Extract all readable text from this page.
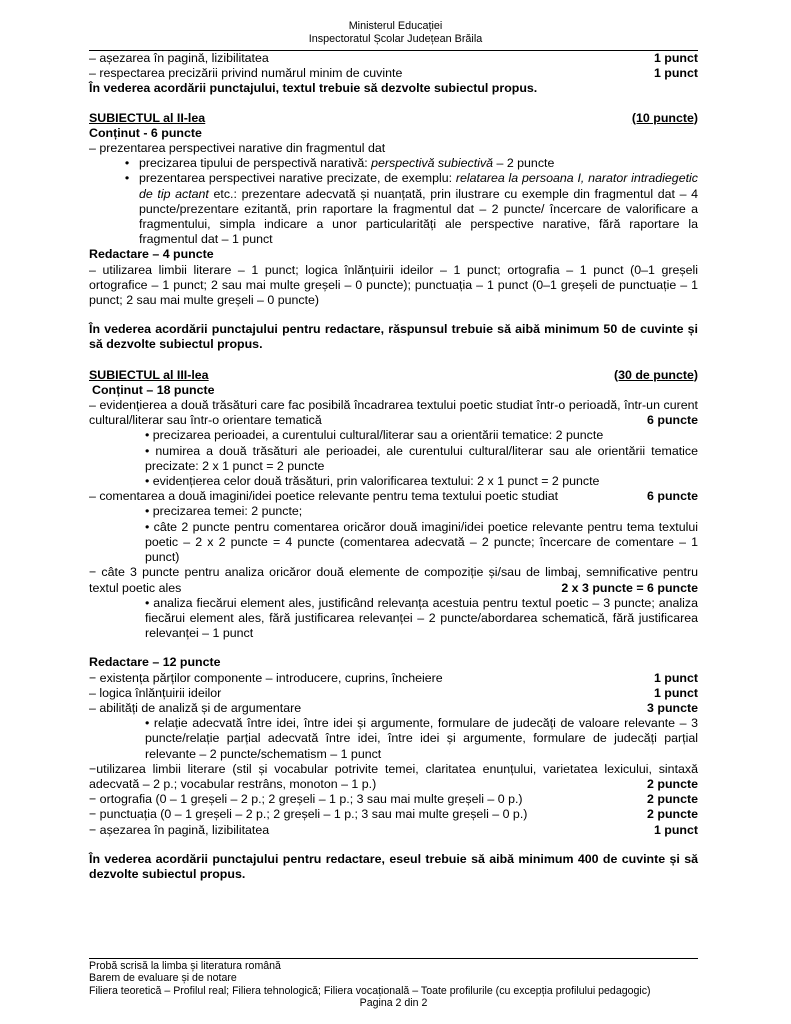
Ministerul Educației
Inspectoratul Școlar Județean Brăila
– așezarea în pagină, lizibilitatea	1 punct
– respectarea precizării privind numărul minim de cuvinte	1 punct
În vederea acordării punctajului, textul trebuie să dezvolte subiectul propus.
SUBIECTUL al II-lea	(10 puncte)
Conținut - 6 puncte
– prezentarea perspectivei narative din fragmentul dat
• precizarea tipului de perspectivă narativă: perspectivă subiectivă – 2 puncte
• prezentarea perspectivei narative precizate, de exemplu: relatarea la persoana I, narator intradiegetic de tip actant etc.: prezentare adecvată și nuanțată, prin ilustrare cu exemple din fragmentul dat – 4 puncte/prezentare ezitantă, prin raportare la fragmentul dat – 2 puncte/ încercare de valorificare a fragmentului, simpla indicare a unor particularități ale perspective narative, fără raportare la fragmentul dat – 1 punct
Redactare – 4 puncte
– utilizarea limbii literare – 1 punct; logica înlănțuirii ideilor – 1 punct; ortografia – 1 punct (0–1 greșeli ortografice – 1 punct; 2 sau mai multe greșeli – 0 puncte); punctuația – 1 punct (0–1 greșeli de punctuație – 1 punct; 2 sau mai multe greșeli – 0 puncte)
În vederea acordării punctajului pentru redactare, răspunsul trebuie să aibă minimum 50 de cuvinte și să dezvolte subiectul propus.
SUBIECTUL al III-lea	(30 de puncte)
Conținut – 18 puncte
– evidențierea a două trăsături care fac posibilă încadrarea textului poetic studiat într-o perioadă, într-un curent cultural/literar sau într-o orientare tematică	6 puncte
• precizarea perioadei, a curentului cultural/literar sau a orientării tematice: 2 puncte
• numirea a două trăsături ale perioadei, ale curentului cultural/literar sau ale orientării tematice precizate: 2 x 1 punct = 2 puncte
• evidențierea celor două trăsături, prin valorificarea textului: 2 x 1 punct = 2 puncte
– comentarea a două imagini/idei poetice relevante pentru tema textului poetic studiat	6 puncte
• precizarea temei: 2 puncte;
• câte 2 puncte pentru comentarea oricăror două imagini/idei poetice relevante pentru tema textului poetic – 2 x 2 puncte = 4 puncte (comentarea adecvată – 2 puncte; încercare de comentare – 1 punct)
− câte 3 puncte pentru analiza oricăror două elemente de compoziție și/sau de limbaj, semnificative pentru textul poetic ales	2 x 3 puncte = 6 puncte
• analiza fiecărui element ales, justificând relevanța acestuia pentru textul poetic – 3 puncte; analiza fiecărui element ales, fără justificarea relevanței – 2 puncte/abordarea schematică, fără justificarea relevanței – 1 punct
Redactare – 12 puncte
− existența părților componente – introducere, cuprins, încheiere	1 punct
– logica înlănțuirii ideilor	1 punct
– abilități de analiză și de argumentare	3 puncte
• relație adecvată între idei, între idei și argumente, formulare de judecăți de valoare relevante – 3 puncte/relație parțial adecvată între idei, între idei și argumente, formulare de judecăți parțial relevante – 2 puncte/schematism – 1 punct
−utilizarea limbii literare (stil și vocabular potrivite temei, claritatea enunțului, varietatea lexicului, sintaxă adecvată – 2 p.; vocabular restrâns, monoton – 1 p.)	2 puncte
− ortografia (0 – 1 greșeli – 2 p.; 2 greșeli – 1 p.; 3 sau mai multe greșeli – 0 p.)	2 puncte
− punctuația (0 – 1 greșeli – 2 p.; 2 greșeli – 1 p.; 3 sau mai multe greșeli – 0 p.)	2 puncte
− așezarea în pagină, lizibilitatea	1 punct
În vederea acordării punctajului pentru redactare, eseul trebuie să aibă minimum 400 de cuvinte și să dezvolte subiectul propus.
Probă scrisă la limba și literatura română
Barem de evaluare și de notare
Filiera teoretică – Profilul real; Filiera tehnologică; Filiera vocațională – Toate profilurile (cu excepția profilului pedagogic)
Pagina 2 din 2
